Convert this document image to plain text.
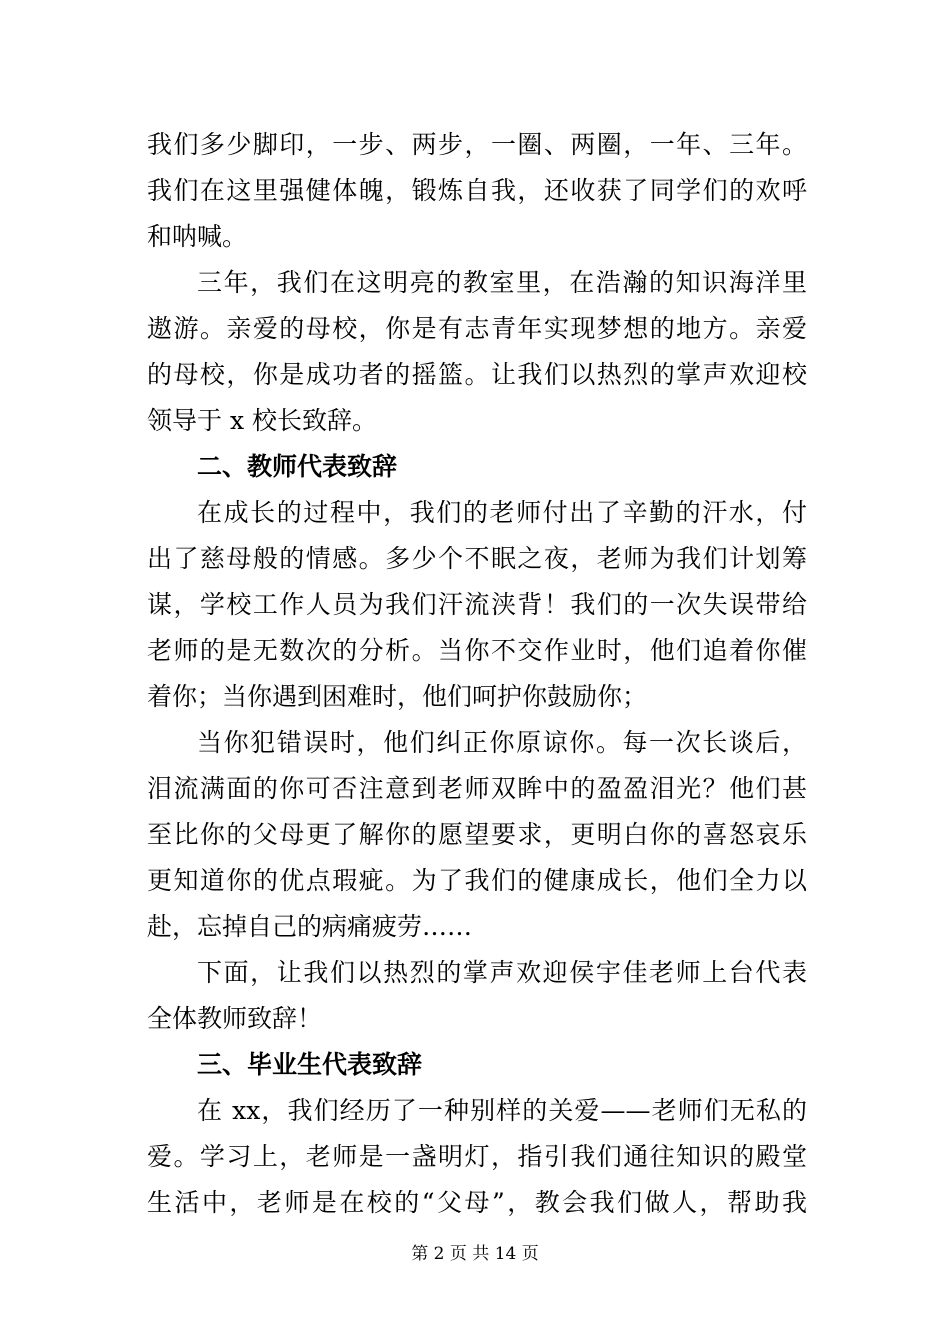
我们多少脚印，一步、两步，一圈、两圈，一年、三年。
我们在这里强健体魄，锻炼自我，还收获了同学们的欢呼
和呐喊。
三年，我们在这明亮的教室里，在浩瀚的知识海洋里
遨游。亲爱的母校，你是有志青年实现梦想的地方。亲爱
的母校，你是成功者的摇篮。让我们以热烈的掌声欢迎校
领导于 x 校长致辞。
二、教师代表致辞
在成长的过程中，我们的老师付出了辛勤的汗水，付
出了慈母般的情感。多少个不眠之夜，老师为我们计划筹
谋，学校工作人员为我们汗流浃背！我们的一次失误带给
老师的是无数次的分析。当你不交作业时，他们追着你催
着你；当你遇到困难时，他们呵护你鼓励你；
当你犯错误时，他们纠正你原谅你。每一次长谈后，
泪流满面的你可否注意到老师双眸中的盈盈泪光？他们甚
至比你的父母更了解你的愿望要求，更明白你的喜怒哀乐
更知道你的优点瑕疵。为了我们的健康成长，他们全力以
赴，忘掉自己的病痛疲劳……
下面，让我们以热烈的掌声欢迎侯宇佳老师上台代表
全体教师致辞！
三、毕业生代表致辞
在 xx，我们经历了一种别样的关爱——老师们无私的
爱。学习上，老师是一盏明灯，指引我们通往知识的殿堂
生活中，老师是在校的“父母”，教会我们做人，帮助我
第 2 页 共 14 页
